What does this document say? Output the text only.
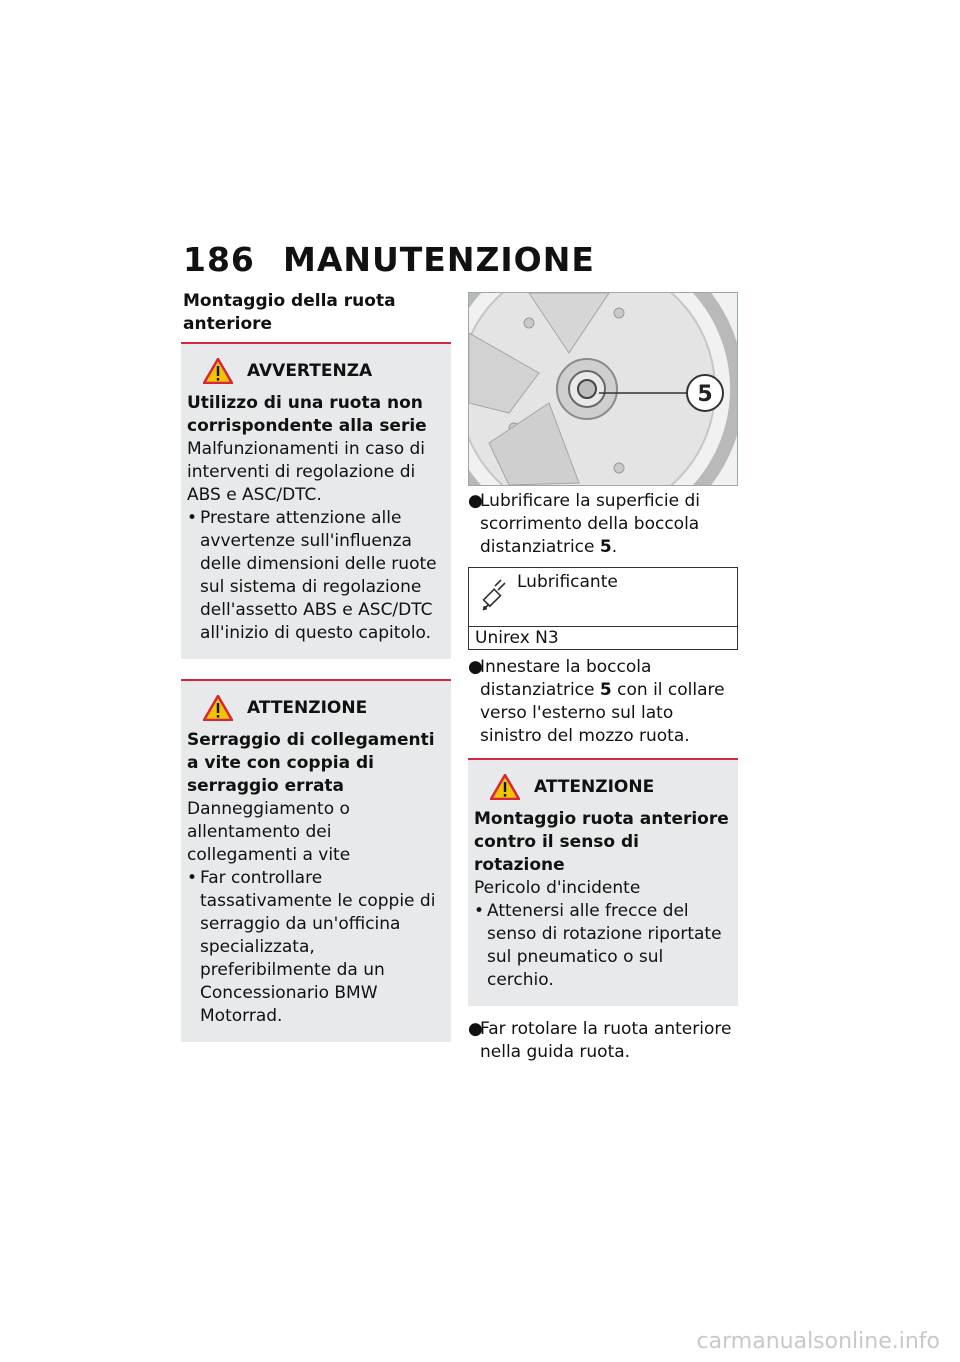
186 MANUTENZIONE
Montaggio della ruota anteriore
AVVERTENZA
Utilizzo di una ruota non corrispondente alla serie
Malfunzionamenti in caso di interventi di regolazione di ABS e ASC/DTC.
• Prestare attenzione alle avvertenze sull'influenza delle dimensioni delle ruote sul sistema di regolazione dell'assetto ABS e ASC/DTC all'inizio di questo capitolo.
ATTENZIONE
Serraggio di collegamenti a vite con coppia di serraggio errata
Danneggiamento o allentamento dei collegamenti a vite
• Far controllare tassativamente le coppie di serraggio da un'officina specializzata, preferibilmente da un Concessionario BMW Motorrad.
5
●
Lubrificare la superficie di scorrimento della boccola distanziatrice 5.
Lubrificante
Unirex N3
●
Innestare la boccola distanziatrice 5 con il collare verso l'esterno sul lato sinistro del mozzo ruota.
ATTENZIONE
Montaggio ruota anteriore contro il senso di rotazione
Pericolo d'incidente
• Attenersi alle frecce del senso di rotazione riportate sul pneumatico o sul cerchio.
●
Far rotolare la ruota anteriore nella guida ruota.
carmanualsonline.info
